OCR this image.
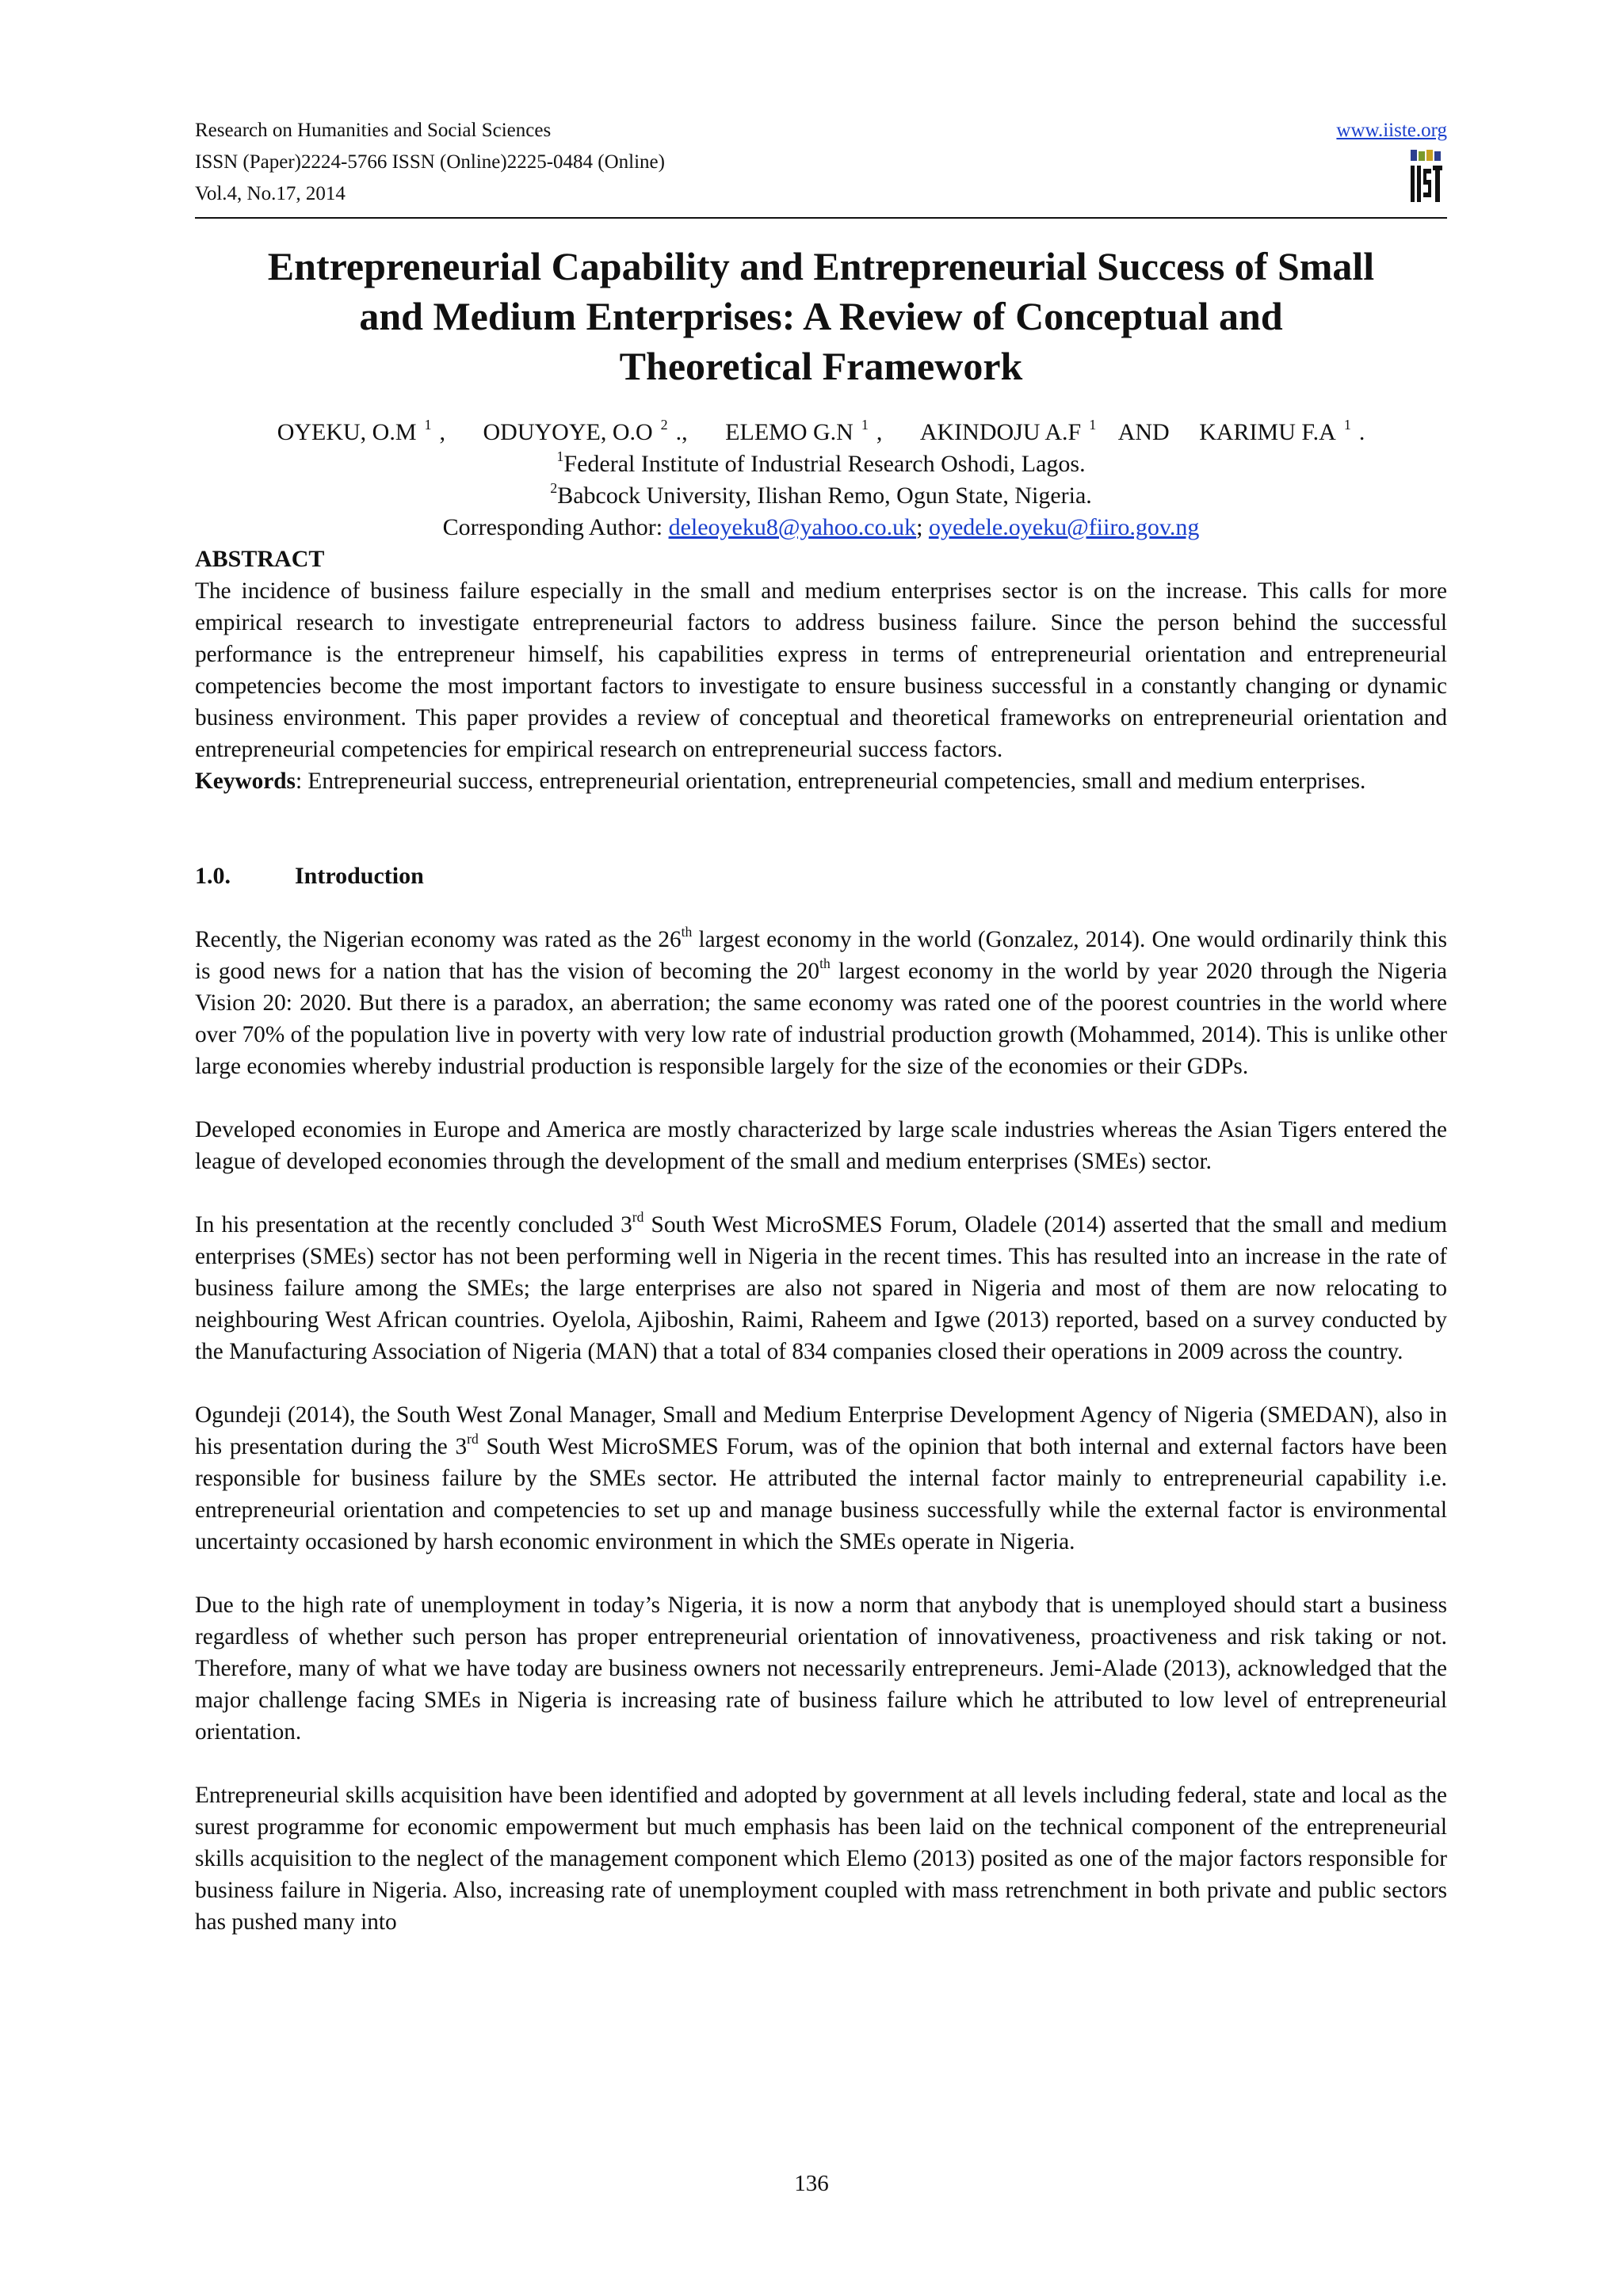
Research on Humanities and Social Sciences
ISSN (Paper)2224-5766 ISSN (Online)2225-0484 (Online)
Vol.4, No.17, 2014
www.iiste.org
Entrepreneurial Capability and Entrepreneurial Success of Small
and Medium Enterprises: A Review of Conceptual and
Theoretical Framework
OYEKU, O.M $^1$ , ODUYOYE, O.O $^2$ ., ELEMO G.N $^1$ , AKINDOJU A.F $^1$ AND KARIMU F.A $^1$ .
$^1$Federal Institute of Industrial Research Oshodi, Lagos.
$^2$Babcock University, Ilishan Remo, Ogun State, Nigeria.
Corresponding Author: deleoyeku8@yahoo.co.uk; oyedele.oyeku@fiiro.gov.ng

ABSTRACT

The incidence of business failure especially in the small and medium enterprises sector is on the increase. This calls for more empirical research to investigate entrepreneurial factors to address business failure. Since the person behind the successful performance is the entrepreneur himself, his capabilities express in terms of entrepreneurial orientation and entrepreneurial competencies become the most important factors to investigate to ensure business successful in a constantly changing or dynamic business environment. This paper provides a review of conceptual and theoretical frameworks on entrepreneurial orientation and entrepreneurial competencies for empirical research on entrepreneurial success factors.

Keywords: Entrepreneurial success, entrepreneurial orientation, entrepreneurial competencies, small and medium enterprises.

1.0.	Introduction

Recently, the Nigerian economy was rated as the 26th largest economy in the world (Gonzalez, 2014). One would ordinarily think this is good news for a nation that has the vision of becoming the 20th largest economy in the world by year 2020 through the Nigeria Vision 20: 2020. But there is a paradox, an aberration; the same economy was rated one of the poorest countries in the world where over 70% of the population live in poverty with very low rate of industrial production growth (Mohammed, 2014). This is unlike other large economies whereby industrial production is responsible largely for the size of the economies or their GDPs.

Developed economies in Europe and America are mostly characterized by large scale industries whereas the Asian Tigers entered the league of developed economies through the development of the small and medium enterprises (SMEs) sector.

In his presentation at the recently concluded 3rd South West MicroSMES Forum, Oladele (2014) asserted that the small and medium enterprises (SMEs) sector has not been performing well in Nigeria in the recent times. This has resulted into an increase in the rate of business failure among the SMEs; the large enterprises are also not spared in Nigeria and most of them are now relocating to neighbouring West African countries. Oyelola, Ajiboshin, Raimi, Raheem and Igwe (2013) reported, based on a survey conducted by the Manufacturing Association of Nigeria (MAN) that a total of 834 companies closed their operations in 2009 across the country.

Ogundeji (2014), the South West Zonal Manager, Small and Medium Enterprise Development Agency of Nigeria (SMEDAN), also in his presentation during the 3rd South West MicroSMES Forum, was of the opinion that both internal and external factors have been responsible for business failure by the SMEs sector. He attributed the internal factor mainly to entrepreneurial capability i.e. entrepreneurial orientation and competencies to set up and manage business successfully while the external factor is environmental uncertainty occasioned by harsh economic environment in which the SMEs operate in Nigeria.

Due to the high rate of unemployment in today’s Nigeria, it is now a norm that anybody that is unemployed should start a business regardless of whether such person has proper entrepreneurial orientation of innovativeness, proactiveness and risk taking or not. Therefore, many of what we have today are business owners not necessarily entrepreneurs. Jemi-Alade (2013), acknowledged that the major challenge facing SMEs in Nigeria is increasing rate of business failure which he attributed to low level of entrepreneurial orientation.

Entrepreneurial skills acquisition have been identified and adopted by government at all levels including federal, state and local as the surest programme for economic empowerment but much emphasis has been laid on the technical component of the entrepreneurial skills acquisition to the neglect of the management component which Elemo (2013) posited as one of the major factors responsible for business failure in Nigeria. Also, increasing rate of unemployment coupled with mass retrenchment in both private and public sectors has pushed many into

136
